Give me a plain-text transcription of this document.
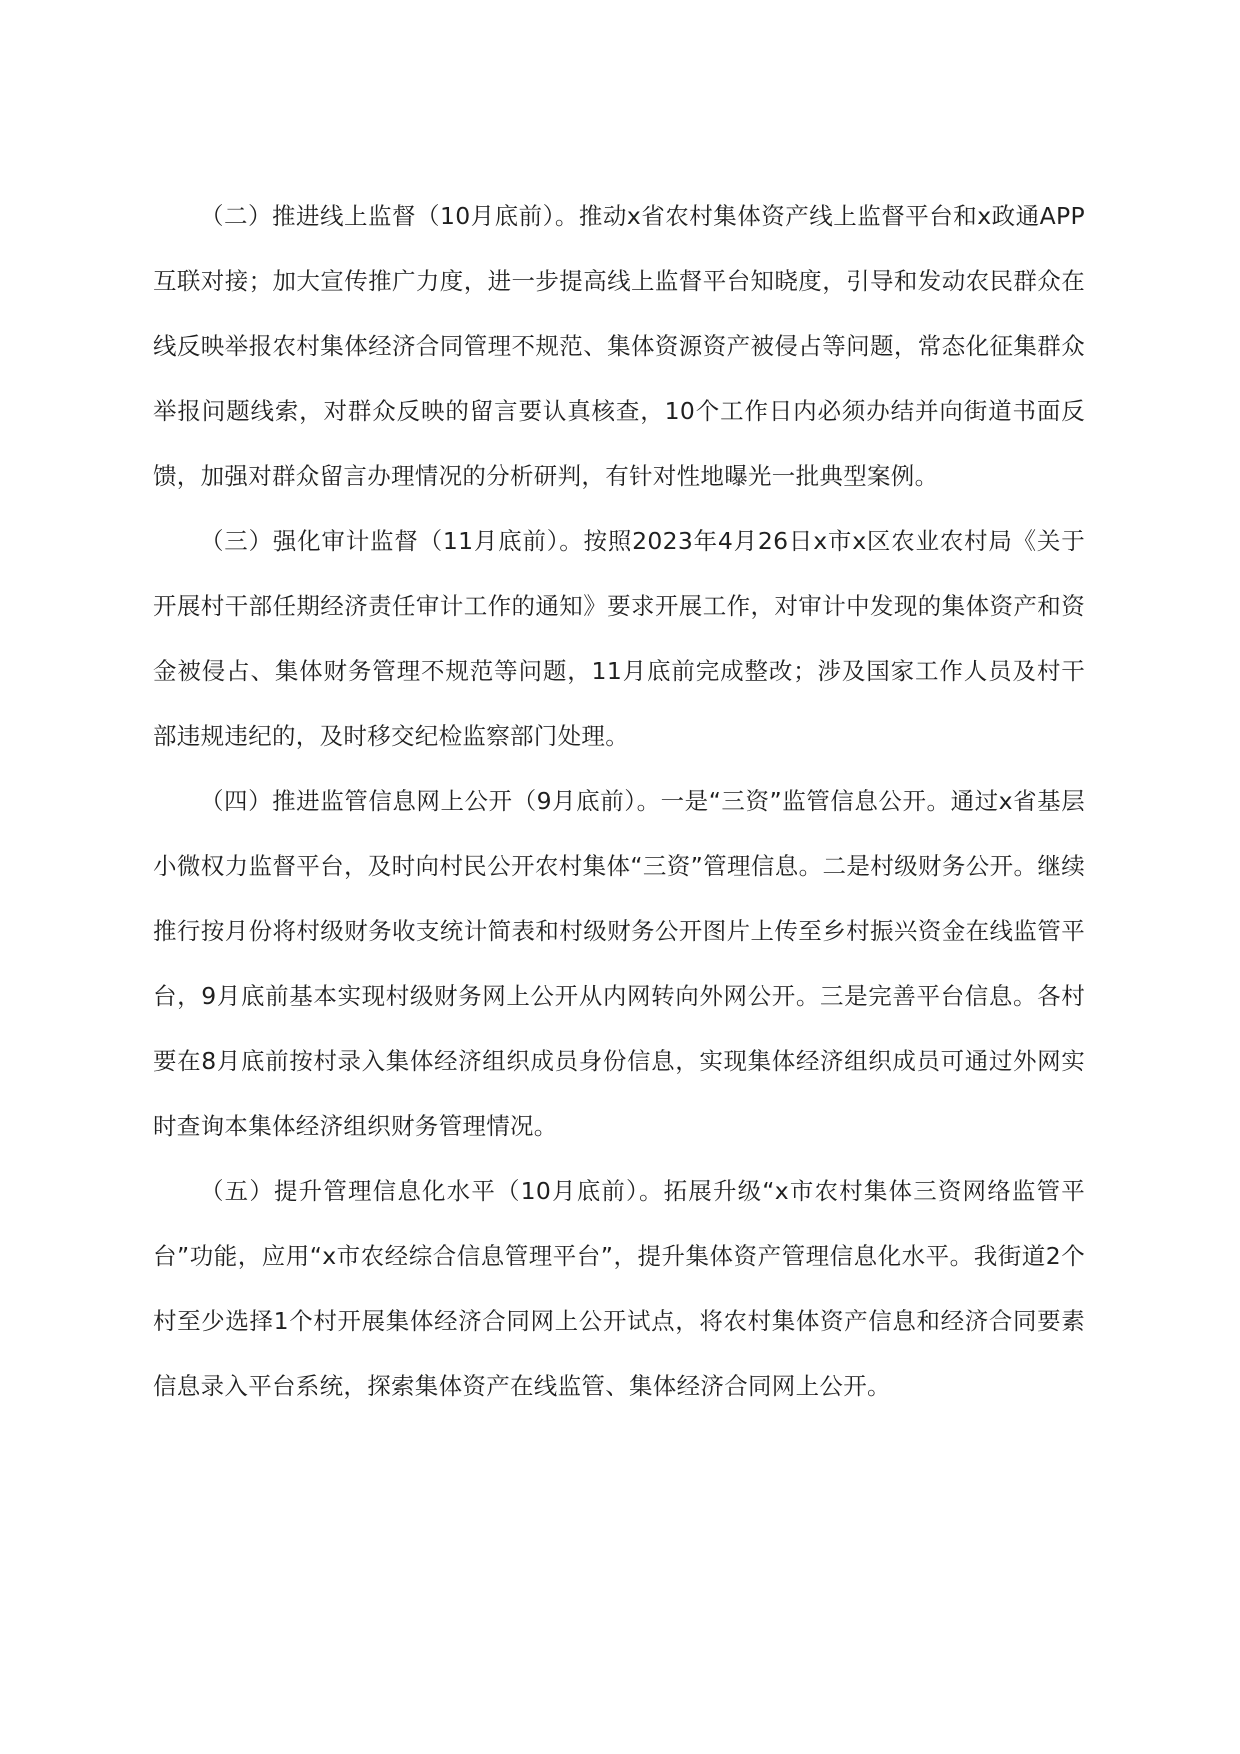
（二）推进线上监督（10月底前）。推动x省农村集体资产线上监督平台和x政通APP互联对接；加大宣传推广力度，进一步提高线上监督平台知晓度，引导和发动农民群众在线反映举报农村集体经济合同管理不规范、集体资源资产被侵占等问题，常态化征集群众举报问题线索，对群众反映的留言要认真核查，10个工作日内必须办结并向街道书面反馈，加强对群众留言办理情况的分析研判，有针对性地曝光一批典型案例。

（三）强化审计监督（11月底前）。按照2023年4月26日x市x区农业农村局《关于开展村干部任期经济责任审计工作的通知》要求开展工作，对审计中发现的集体资产和资金被侵占、集体财务管理不规范等问题，11月底前完成整改；涉及国家工作人员及村干部违规违纪的，及时移交纪检监察部门处理。

（四）推进监管信息网上公开（9月底前）。一是“三资”监管信息公开。通过x省基层小微权力监督平台，及时向村民公开农村集体“三资”管理信息。二是村级财务公开。继续推行按月份将村级财务收支统计简表和村级财务公开图片上传至乡村振兴资金在线监管平台，9月底前基本实现村级财务网上公开从内网转向外网公开。三是完善平台信息。各村要在8月底前按村录入集体经济组织成员身份信息，实现集体经济组织成员可通过外网实时查询本集体经济组织财务管理情况。

（五）提升管理信息化水平（10月底前）。拓展升级“x市农村集体三资网络监管平台”功能，应用“x市农经综合信息管理平台”，提升集体资产管理信息化水平。我街道2个村至少选择1个村开展集体经济合同网上公开试点，将农村集体资产信息和经济合同要素信息录入平台系统，探索集体资产在线监管、集体经济合同网上公开。
